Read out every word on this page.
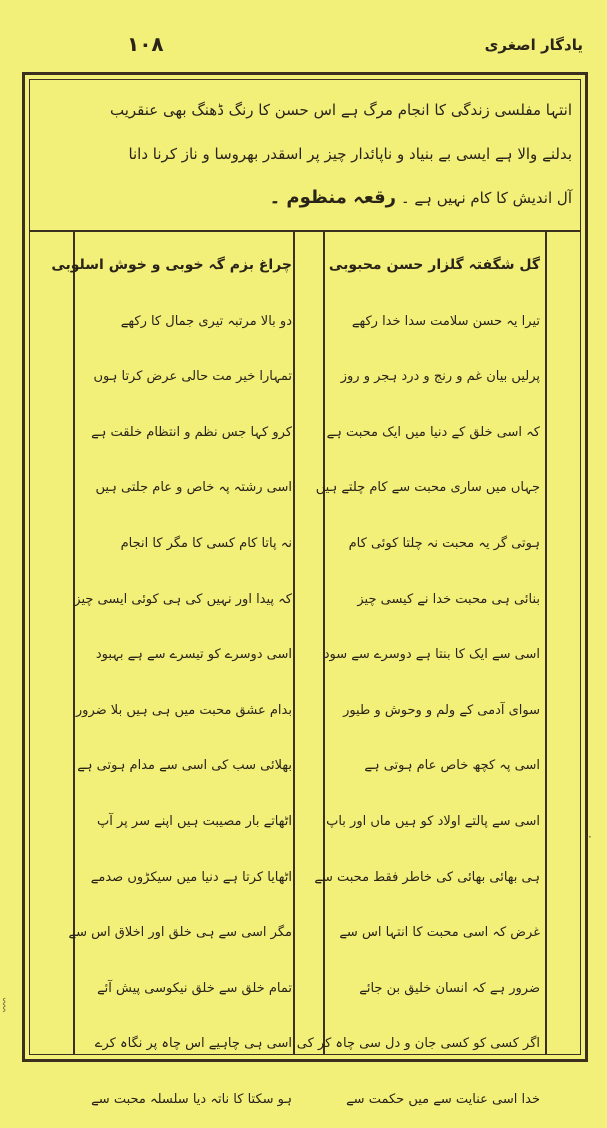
١٠٨	یادگار اصغری
انتہا مفلسی زندگی کا انجام مرگ ہے اس حسن کا رنگ ڈھنگ بھی عنقریب
بدلنے والا ہے ایسی بے بنیاد و ناپائدار چیز پر اسقدر بھروسا و ناز کرنا دانا
آل اندیش کا کام نہیں ہے ۔ رقعہ منظوم ۔
گل شگفتہ گلزار حسن محبوبی
تیرا یہ حسن سلامت سدا خدا رکھے
پرلیں بیان غم و رنج و درد ہجر و روز
کہ اسی خلق کے دنیا میں ایک محبت ہے
جہاں میں ساری محبت سے کام چلتے ہیں
ہوتی گر یہ محبت نہ چلتا کوئی کام
بنائی ہی محبت خدا نے کیسی چیز
اسی سے ایک کا بنتا ہے دوسرے سے سود
سوای آدمی کے ولم و وحوش و طیور
اسی پہ کچھ خاص عام ہوتی ہے
اسی سے پالتے اولاد کو ہیں ماں اور باپ
ہی بھائی بھائی کی خاطر فقط محبت سے
غرض کہ اسی محبت کا انتہا اس سے
ضرور ہے کہ انسان خلیق بن جائے
اگر کسی کو کسی جان و دل سی چاہ کر کی
خدا اسی عنایت سے میں حکمت سے
چراغ بزم گہ خوبی و خوش اسلوبی
دو بالا مرتبہ تیری جمال کا رکھے
تمہارا خیر مت حالی عرض کرتا ہوں
کرو کہا جس نظم و انتظام خلقت ہے
اسی رشتہ پہ خاص و عام جلتی ہیں
نہ پاتا کام کسی کا مگر کا انجام
کہ پیدا اور نہیں کی ہی کوئی ایسی چیز
اسی دوسرے کو تیسرے سے ہے بہبود
بدام عشق محبت میں ہی ہیں بلا ضرور
بھلائی سب کی اسی سے مدام ہوتی ہے
اٹھاتے بار مصیبت ہیں اپنے سر پر آپ
اٹھایا کرتا ہے دنیا میں سیکڑوں صدمے
مگر اسی سے ہی خلق اور اخلاق اس سے
تمام خلق سے خلق نیکوسی پیش آئے
اسی ہی چاہیے اس چاہ پر نگاہ کرے
ہو سکتا کا ناتہ دیا سلسلہ محبت سے
⸾
·
